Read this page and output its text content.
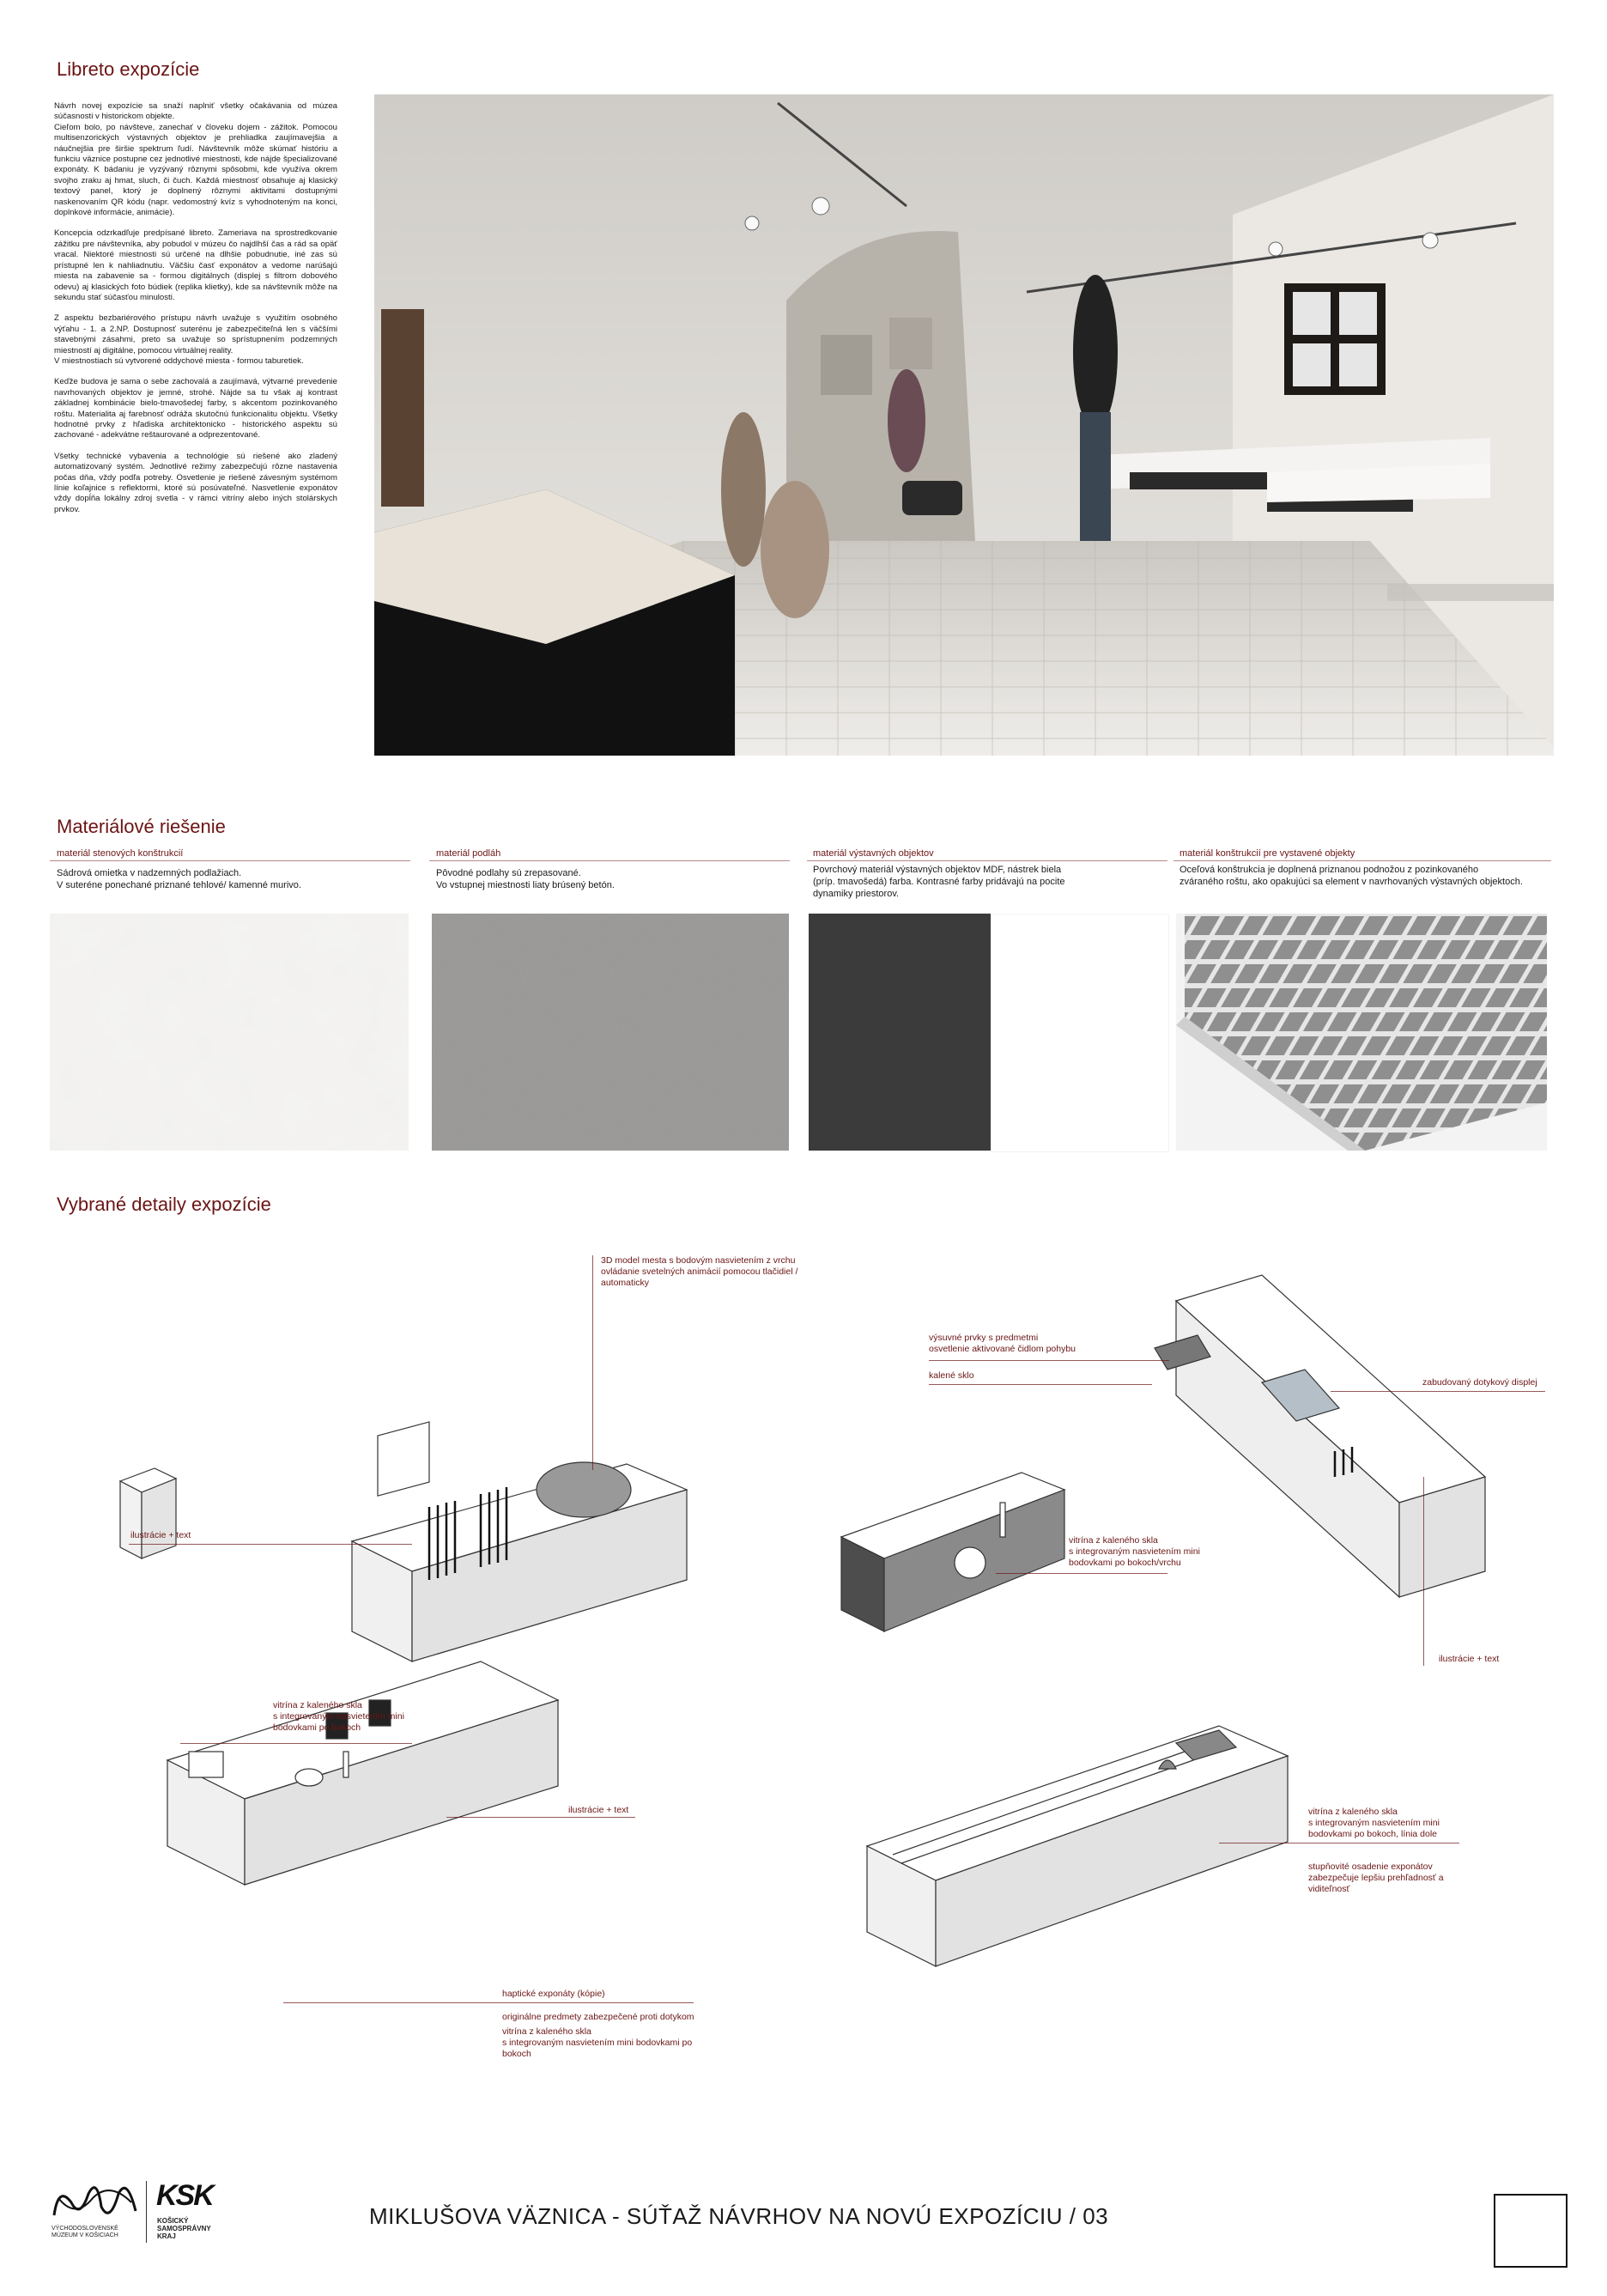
Libreto expozície

Návrh novej expozície sa snaží naplniť všetky očakávania od múzea súčasnosti v historickom objekte.
Cieľom bolo, po návšteve, zanechať v človeku dojem - zážitok. Pomocou multisenzorických výstavných objektov je prehliadka zaujímavejšia a náučnejšia pre širšie spektrum ľudí. Návštevník môže skúmať históriu a funkciu väznice postupne cez jednotlivé miestnosti, kde nájde špecializované exponáty. K bádaniu je vyzývaný rôznymi spôsobmi, kde využíva okrem svojho zraku aj hmat, sluch, či čuch. Každá miestnosť obsahuje aj klasický textový panel, ktorý je doplnený rôznymi aktivitami dostupnými naskenovaním QR kódu (napr. vedomostný kvíz s vyhodnoteným na konci, doplnkové informácie, animácie).

Koncepcia odzrkadľuje predpísané libreto. Zameriava na sprostredkovanie zážitku pre návštevníka, aby pobudol v múzeu čo najdlhší čas a rád sa opäť vracal. Niektoré miestnosti sú určené na dlhšie pobudnutie, iné zas sú prístupné len k nahliadnutiu. Väčšiu časť exponátov a vedome narúšajú miesta na zabavenie sa - formou digitálnych (displej s filtrom dobového odevu) aj klasických foto búdiek (replika klietky), kde sa návštevník môže na sekundu stať súčasťou minulosti.

Z aspektu bezbariérového prístupu návrh uvažuje s využitím osobného výťahu - 1. a 2.NP. Dostupnosť suterénu je zabezpečiteľná len s väčšími stavebnými zásahmi, preto sa uvažuje so sprístupnením podzemných miestností aj digitálne, pomocou virtuálnej reality.
V miestnostiach sú vytvorené oddychové miesta - formou taburetiek.

Keďže budova je sama o sebe zachovalá a zaujímavá, výtvarné prevedenie navrhovaných objektov je jemné, strohé. Nájde sa tu však aj kontrast základnej kombinácie bielo-tmavošedej farby, s akcentom pozinkovaného roštu. Materialita aj farebnosť odráža skutočnú funkcionalitu objektu. Všetky hodnotné prvky z hľadiska architektonicko - historického aspektu sú zachované - adekvátne reštaurované a odprezentované.

Všetky technické vybavenia a technológie sú riešené ako zladený automatizovaný systém. Jednotlivé režimy zabezpečujú rôzne nastavenia počas dňa, vždy podľa potreby. Osvetlenie je riešené závesným systémom línie koľajnice s reflektormi, ktoré sú posúvateľné. Nasvetlenie exponátov vždy dopĺňa lokálny zdroj svetla - v rámci vitríny alebo iných stolárskych prvkov.

Materiálové riešenie
materiál stenových konštrukcií
Sádrová omietka v nadzemných podlažiach.
V suteréne ponechané priznané tehlové/ kamenné murivo.
materiál podláh
Pôvodné podlahy sú zrepasované.
Vo vstupnej miestnosti liaty brúsený betón.
materiál výstavných objektov
Povrchový materiál výstavných objektov MDF, nástrek biela
(príp. tmavošedá) farba. Kontrasné farby pridávajú na pocite
dynamiky priestorov.
materiál konštrukcií pre vystavené objekty
Oceľová konštrukcia je doplnená priznanou podnožou z pozinkovaného
zváraného roštu, ako opakujúci sa element v navrhovaných výstavných objektoch.
Vybrané detaily expozície
3D model mesta s bodovým nasvietením z vrchu
ovládanie svetelných animácií pomocou tlačidiel /
automaticky
ilustrácie + text
vitrína z kaleného skla
s integrovaným nasvietením mini
bodovkami po bokoch
ilustrácie + text
haptické exponáty (kópie)
originálne predmety zabezpečené proti dotykom
vitrína z kaleného skla
s integrovaným nasvietením mini bodovkami po
bokoch
výsuvné prvky s predmetmi
osvetlenie aktivované čidlom pohybu
kalené sklo
zabudovaný dotykový displej
vitrína z kaleného skla
s integrovaným nasvietením mini
bodovkami po bokoch/vrchu
ilustrácie + text
vitrína z kaleného skla
s integrovaným nasvietením mini
bodovkami po bokoch, línia dole
stupňovité osadenie exponátov
zabezpečuje lepšiu prehľadnosť a
viditeľnosť
VÝCHODOSLOVENSKÉ
MÚZEUM V KOŠICIACH
KSK
KOŠICKÝ
SAMOSPRÁVNY
KRAJ
MIKLUŠOVA VÄZNICA - SÚŤAŽ NÁVRHOV NA NOVÚ EXPOZÍCIU / 03
